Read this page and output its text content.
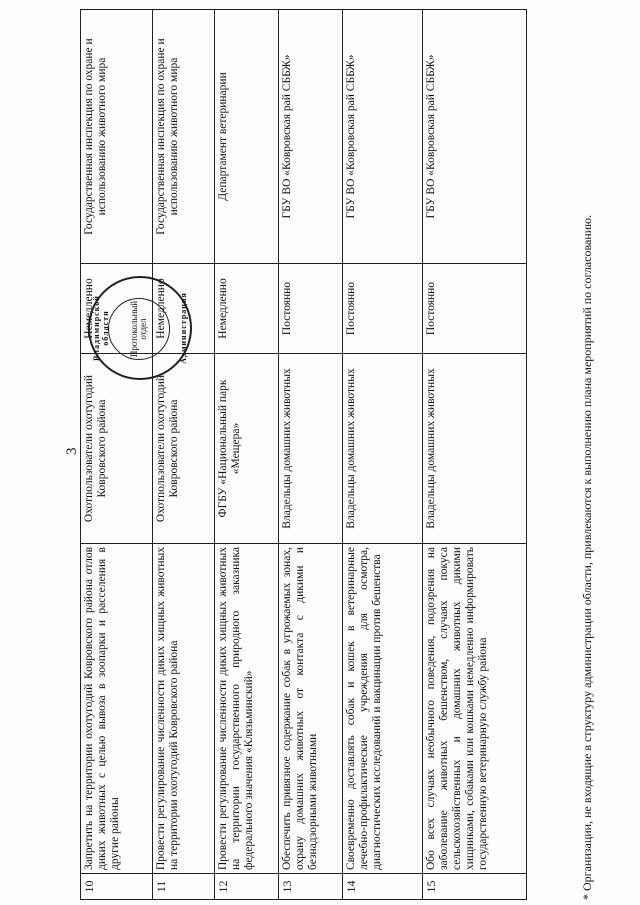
3
10	Запретить на территории охотугодий Ковровского района отлов диких животных с целью вывоза в зоопарки и расселения в другие районы	Охотпользователи охотугодий Ковровского района	Немедленно	Государственная инспекция по охране и использованию животного мира
11	Провести регулирование численности диких хищных животных на территории охотугодий Ковровского района	Охотпользователи охотугодий Ковровского района	Немедленно	Государственная инспекция по охране и использованию животного мира
12	Провести регулирование численности диких хищных животных на территории государственного природного заказника федерального значения «Клязьминский»	ФГБУ «Национальный парк «Мещера»	Немедленно	Департамент ветеринарии
13	Обеспечить привязное содержание собак в угрожаемых зонах, охрану домашних животных от контакта с дикими и безнадзорными животными	Владельцы домашних животных	Постоянно	ГБУ ВО «Ковровская рай СББЖ»
14	Своевременно доставлять собак и кошек в ветеринарные лечебно-профилактические учреждения для осмотра, диагностических исследований и вакцинации против бешенства	Владельцы домашних животных	Постоянно	ГБУ ВО «Ковровская рай СББЖ»
15	Обо всех случаях необычного поведения, подозрения на заболевание животных бешенством, случаях покуса сельскохозяйственных и домашних животных дикими хищниками, собаками или кошками немедленно информировать государственную ветеринарную службу района	Владельцы домашних животных	Постоянно	ГБУ ВО «Ковровская рай СББЖ»
* Организации, не входящие в структуру администрации области, привлекаются к выполнению плана мероприятий по согласованию.
Владимирской области	Протокольный отдел	Администрация
